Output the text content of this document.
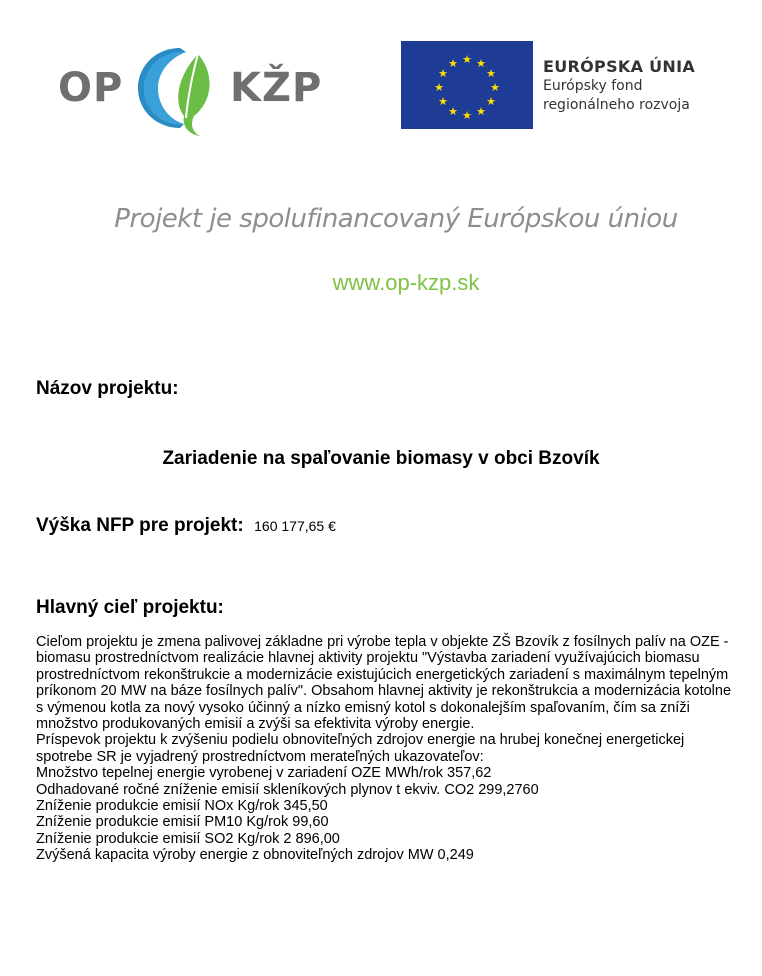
OP	KŽP
★ ★
★
★
★
★
★
★
★
★
★
★	EURÓPSKA ÚNIA
Európsky fond
regionálneho rozvoja
Projekt je spolufinancovaný Európskou úniou
www.op-kzp.sk
Názov projektu:
Zariadenie na spaľovanie biomasy v obci Bzovík
Výška NFP pre projekt: 160 177,65 €
Hlavný cieľ projektu:

Cieľom projektu je zmena palivovej základne pri výrobe tepla v objekte ZŠ Bzovík z fosílnych palív na OZE - biomasu prostredníctvom realizácie hlavnej aktivity projektu "Výstavba zariadení využívajúcich biomasu prostredníctvom rekonštrukcie a modernizácie existujúcich energetických zariadení s maximálnym tepelným príkonom 20 MW na báze fosílnych palív". Obsahom hlavnej aktivity je rekonštrukcia a modernizácia kotolne s výmenou kotla za nový vysoko účinný a nízko emisný kotol s dokonalejším spaľovaním, čím sa zníži množstvo produkovaných emisií a zvýši sa efektivita výroby energie.

Príspevok projektu k zvýšeniu podielu obnoviteľných zdrojov energie na hrubej konečnej energetickej spotrebe SR je vyjadrený prostredníctvom merateľných ukazovateľov:

Množstvo tepelnej energie vyrobenej v zariadení OZE MWh/rok 357,62

Odhadované ročné zníženie emisií skleníkových plynov t ekviv. CO2 299,2760

Zníženie produkcie emisií NOx Kg/rok 345,50

Zníženie produkcie emisií PM10 Kg/rok 99,60

Zníženie produkcie emisií SO2 Kg/rok 2 896,00

Zvýšená kapacita výroby energie z obnoviteľných zdrojov MW 0,249
